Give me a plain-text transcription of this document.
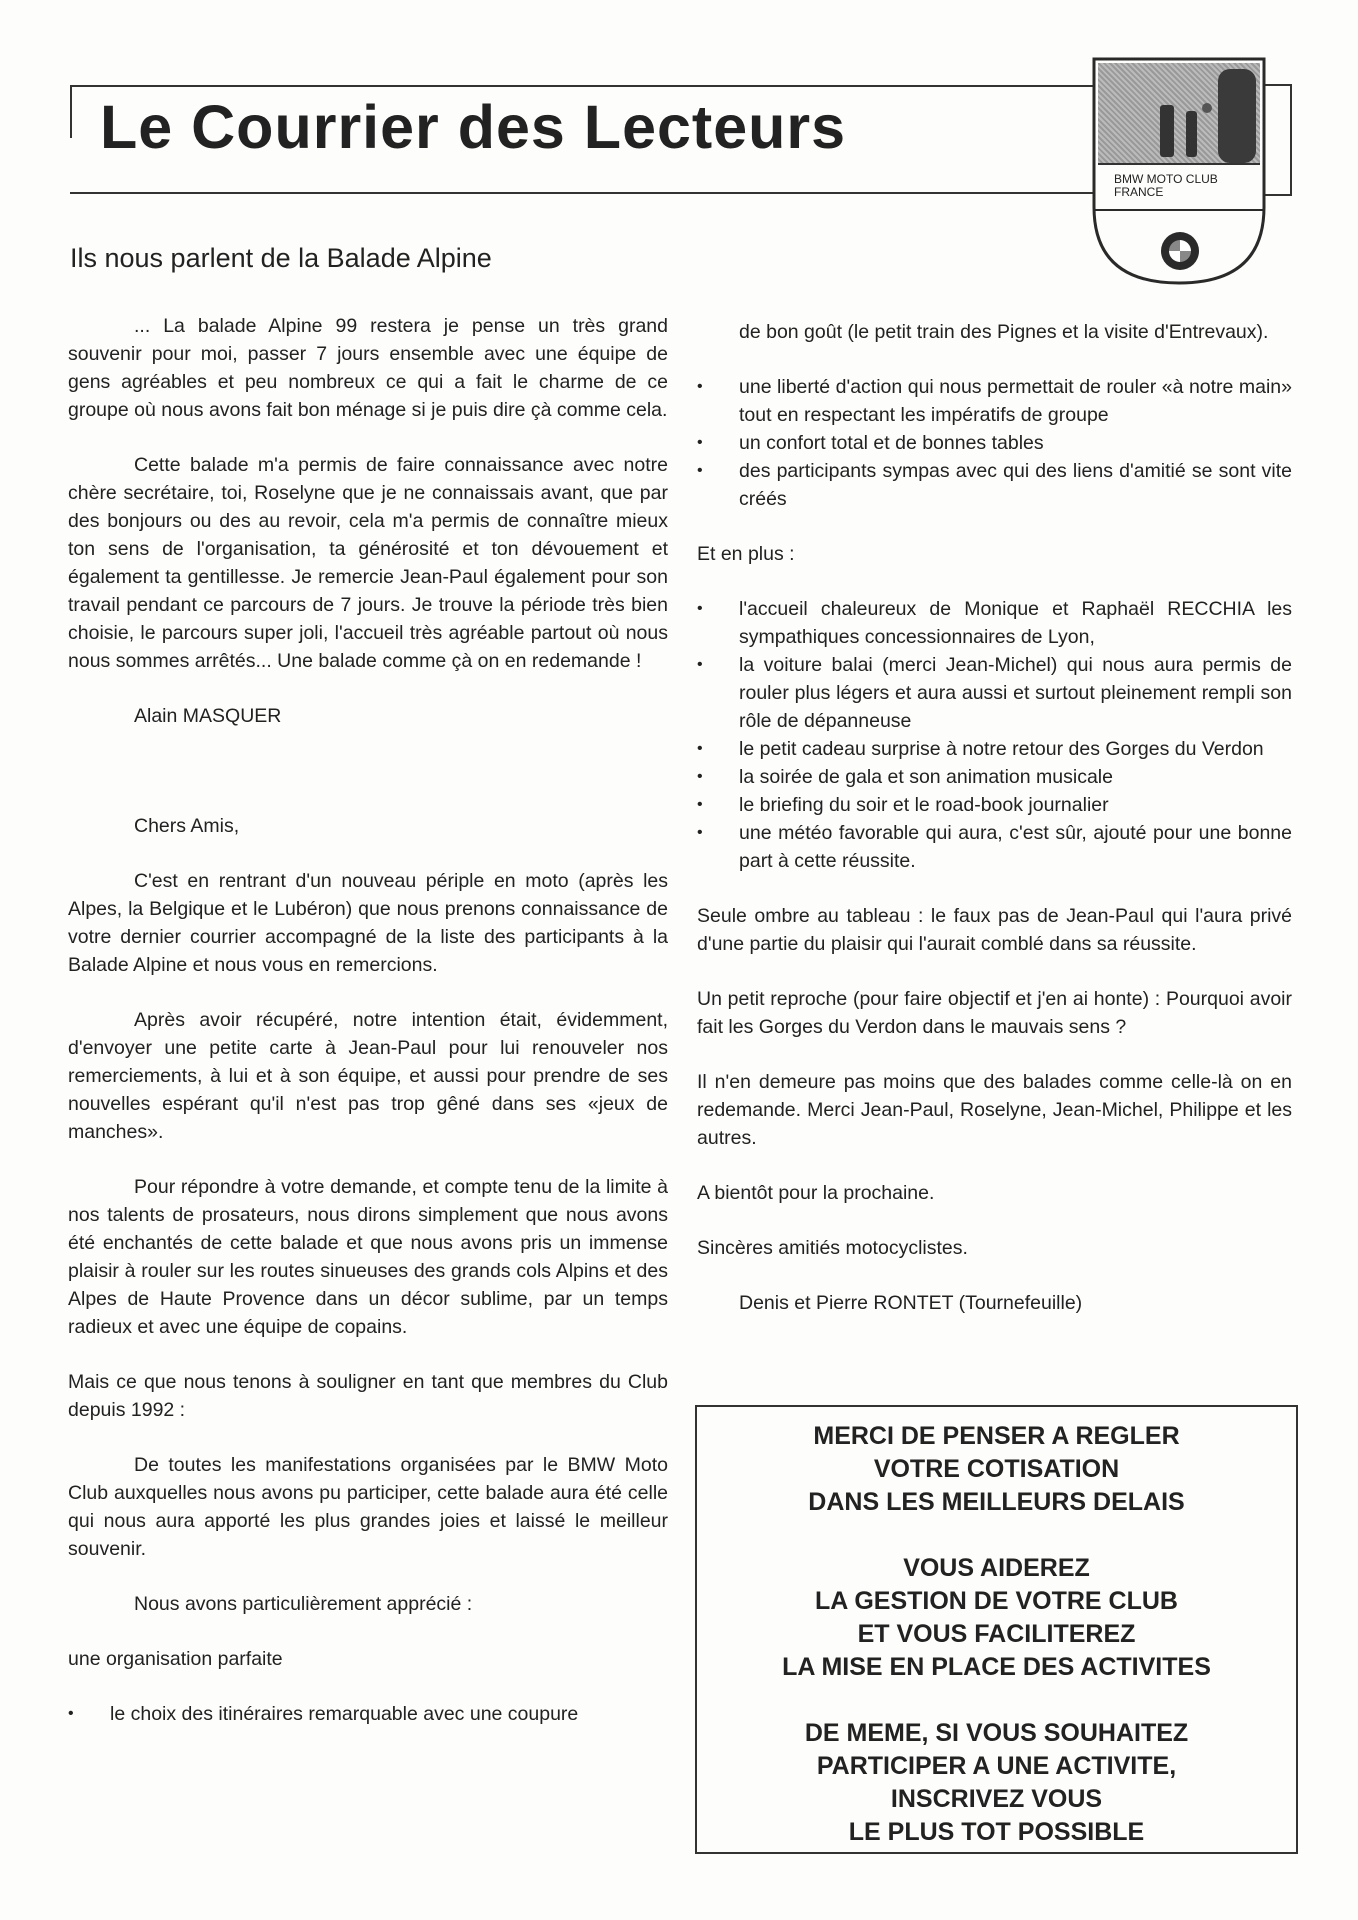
Le Courrier des Lecteurs
BMW MOTO CLUB
FRANCE
Ils nous parlent de la Balade Alpine

... La balade Alpine 99 restera je pense un très grand souvenir pour moi, passer 7 jours ensemble avec une équipe de gens agréables et peu nombreux ce qui a fait le charme de ce groupe où nous avons fait bon ménage si je puis dire çà comme cela.

Cette balade m'a permis de faire connaissance avec notre chère secrétaire, toi, Roselyne que je ne connaissais avant, que par des bonjours ou des au revoir, cela m'a permis de connaître mieux ton sens de l'organisation, ta générosité et ton dévouement et également ta gentillesse. Je remercie Jean-Paul également pour son travail pendant ce parcours de 7 jours. Je trouve la période très bien choisie, le parcours super joli, l'accueil très agréable partout où nous nous sommes arrêtés... Une balade comme çà on en redemande !

Alain MASQUER

Chers Amis,

C'est en rentrant d'un nouveau périple en moto (après les Alpes, la Belgique et le Lubéron) que nous prenons connaissance de votre dernier courrier accompagné de la liste des participants à la Balade Alpine et nous vous en remercions.

Après avoir récupéré, notre intention était, évidemment, d'envoyer une petite carte à Jean-Paul pour lui renouveler nos remerciements, à lui et à son équipe, et aussi pour prendre de ses nouvelles espérant qu'il n'est pas trop gêné dans ses «jeux de manches».

Pour répondre à votre demande, et compte tenu de la limite à nos talents de prosateurs, nous dirons simplement que nous avons été enchantés de cette balade et que nous avons pris un immense plaisir à rouler sur les routes sinueuses des grands cols Alpins et des Alpes de Haute Provence dans un décor sublime, par un temps radieux et avec une équipe de copains.

Mais ce que nous tenons à souligner en tant que membres du Club depuis 1992 :

De toutes les manifestations organisées par le BMW Moto Club auxquelles nous avons pu participer, cette balade aura été celle qui nous aura apporté les plus grandes joies et laissé le meilleur souvenir.

Nous avons particulièrement apprécié :

une organisation parfaite

• le choix des itinéraires remarquable avec une coupure

de bon goût (le petit train des Pignes et la visite d'Entrevaux).

• une liberté d'action qui nous permettait de rouler «à notre main» tout en respectant les impératifs de groupe
• un confort total et de bonnes tables
• des participants sympas avec qui des liens d'amitié se sont vite créés

Et en plus :

• l'accueil chaleureux de Monique et Raphaël RECCHIA les sympathiques concessionnaires de Lyon,
• la voiture balai (merci Jean-Michel) qui nous aura permis de rouler plus légers et aura aussi et surtout pleinement rempli son rôle de dépanneuse
• le petit cadeau surprise à notre retour des Gorges du Verdon
• la soirée de gala et son animation musicale
• le briefing du soir et le road-book journalier
• une météo favorable qui aura, c'est sûr, ajouté pour une bonne part à cette réussite.

Seule ombre au tableau : le faux pas de Jean-Paul qui l'aura privé d'une partie du plaisir qui l'aurait comblé dans sa réussite.

Un petit reproche (pour faire objectif et j'en ai honte) : Pourquoi avoir fait les Gorges du Verdon dans le mauvais sens ?

Il n'en demeure pas moins que des balades comme celle-là on en redemande. Merci Jean-Paul, Roselyne, Jean-Michel, Philippe et les autres.

A bientôt pour la prochaine.

Sincères amitiés motocyclistes.

Denis et Pierre RONTET (Tournefeuille)

MERCI DE PENSER A REGLER
VOTRE COTISATION
DANS LES MEILLEURS DELAIS
VOUS AIDEREZ
LA GESTION DE VOTRE CLUB
ET VOUS FACILITEREZ
LA MISE EN PLACE DES ACTIVITES
DE MEME, SI VOUS SOUHAITEZ
PARTICIPER A UNE ACTIVITE,
INSCRIVEZ VOUS
LE PLUS TOT POSSIBLE
